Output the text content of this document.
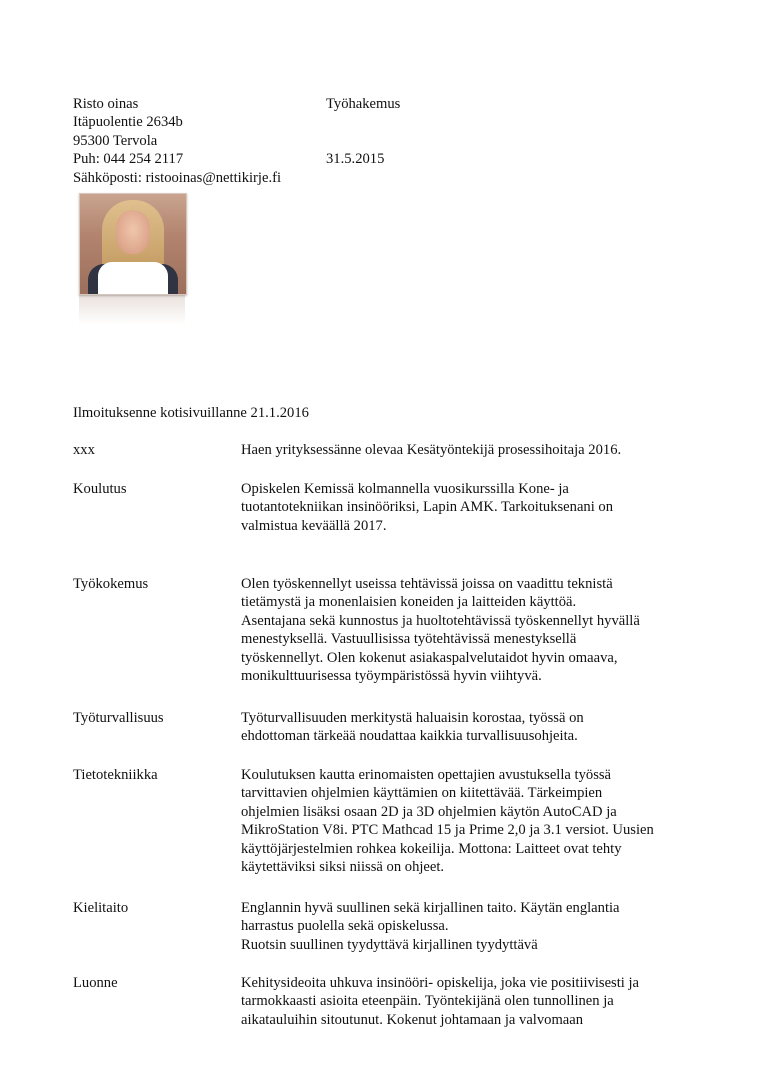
Risto oinas
Itäpuolentie 2634b
95300 Tervola
Puh: 044 254 2117
Sähköposti: ristooinas@nettikirje.fi
Työhakemus
31.5.2015
Ilmoituksenne kotisivuillanne 21.1.2016
xxx	Haen yrityksessänne olevaa Kesätyöntekijä prosessihoitaja 2016.
Koulutus	Opiskelen Kemissä kolmannella vuosikurssilla Kone- ja
tuotantotekniikan insinööriksi, Lapin AMK. Tarkoituksenani on
valmistua keväällä 2017.
Työkokemus	Olen työskennellyt useissa tehtävissä joissa on vaadittu teknistä
tietämystä ja monenlaisien koneiden ja laitteiden käyttöä.
Asentajana sekä kunnostus ja huoltotehtävissä työskennellyt hyvällä
menestyksellä. Vastuullisissa työtehtävissä menestyksellä
työskennellyt. Olen kokenut asiakaspalvelutaidot hyvin omaava,
monikulttuurisessa työympäristössä hyvin viihtyvä.
Työturvallisuus	Työturvallisuuden merkitystä haluaisin korostaa, työssä on
ehdottoman tärkeää noudattaa kaikkia turvallisuusohjeita.
Tietotekniikka	Koulutuksen kautta erinomaisten opettajien avustuksella työssä
tarvittavien ohjelmien käyttämien on kiitettävää. Tärkeimpien
ohjelmien lisäksi osaan 2D ja 3D ohjelmien käytön AutoCAD ja
MikroStation V8i. PTC Mathcad 15 ja Prime 2,0 ja 3.1 versiot. Uusien
käyttöjärjestelmien rohkea kokeilija. Mottona: Laitteet ovat tehty
käytettäviksi siksi niissä on ohjeet.
Kielitaito	Englannin hyvä suullinen sekä kirjallinen taito. Käytän englantia
harrastus puolella sekä opiskelussa.
Ruotsin suullinen tyydyttävä kirjallinen tyydyttävä
Luonne	Kehitysideoita uhkuva insinööri- opiskelija, joka vie positiivisesti ja
tarmokkaasti asioita eteenpäin. Työntekijänä olen tunnollinen ja
aikatauluihin sitoutunut. Kokenut johtamaan ja valvomaan
